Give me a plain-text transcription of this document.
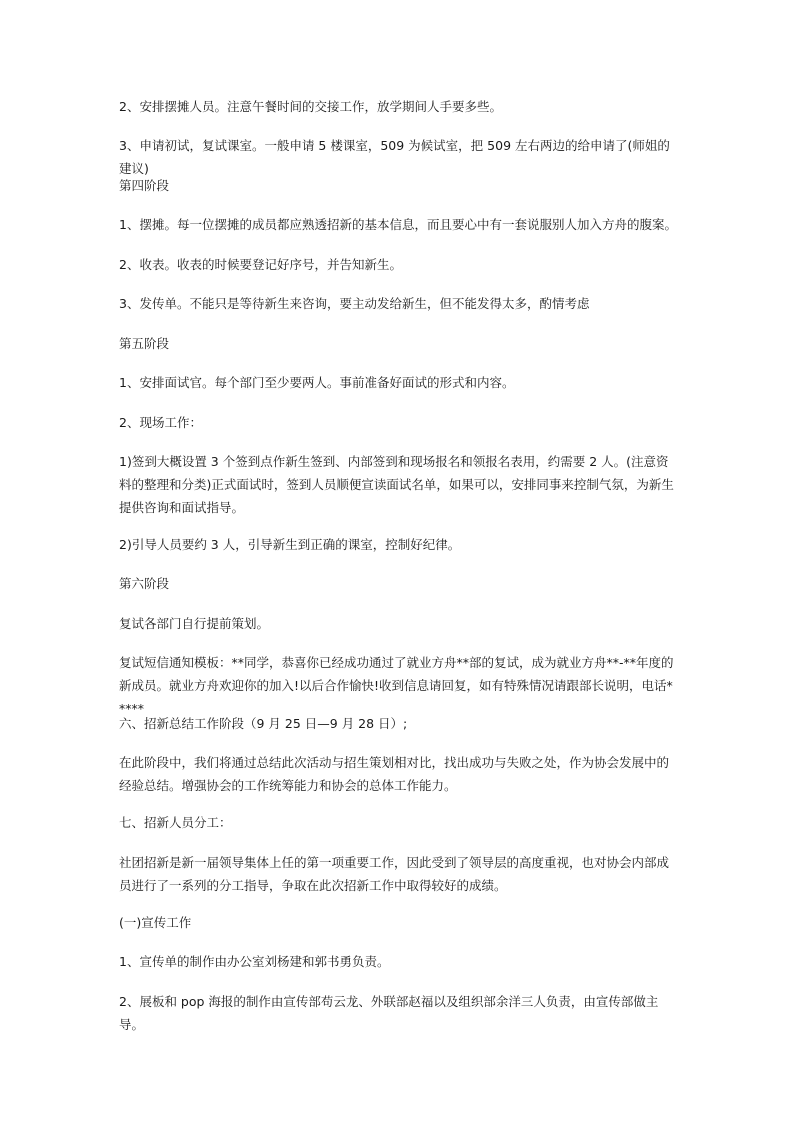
2、安排摆摊人员。注意午餐时间的交接工作，放学期间人手要多些。

3、申请初试，复试课室。一般申请 5 楼课室，509 为候试室，把 509 左右两边的给申请了(师姐的建议)

第四阶段

1、摆摊。每一位摆摊的成员都应熟透招新的基本信息，而且要心中有一套说服别人加入方舟的腹案。

2、收表。收表的时候要登记好序号，并告知新生。

3、发传单。不能只是等待新生来咨询，要主动发给新生，但不能发得太多，酌情考虑

第五阶段

1、安排面试官。每个部门至少要两人。事前准备好面试的形式和内容。

2、现场工作：

1)签到大概设置 3 个签到点作新生签到、内部签到和现场报名和领报名表用，约需要 2 人。(注意资料的整理和分类)正式面试时，签到人员顺便宣读面试名单，如果可以，安排同事来控制气氛，为新生提供咨询和面试指导。

2)引导人员要约 3 人，引导新生到正确的课室，控制好纪律。

第六阶段

复试各部门自行提前策划。

复试短信通知模板：**同学，恭喜你已经成功通过了就业方舟**部的复试，成为就业方舟**-**年度的新成员。就业方舟欢迎你的加入!以后合作愉快!收到信息请回复，如有特殊情况请跟部长说明，电话*****

六、招新总结工作阶段（9 月 25 日—9 月 28 日）;

在此阶段中，我们将通过总结此次活动与招生策划相对比，找出成功与失败之处，作为协会发展中的经验总结。增强协会的工作统筹能力和协会的总体工作能力。

七、招新人员分工：

社团招新是新一届领导集体上任的第一项重要工作，因此受到了领导层的高度重视，也对协会内部成员进行了一系列的分工指导，争取在此次招新工作中取得较好的成绩。

(一)宣传工作

1、宣传单的制作由办公室刘杨建和郭书勇负责。

2、展板和 pop 海报的制作由宣传部苟云龙、外联部赵福以及组织部余洋三人负责，由宣传部做主导。
